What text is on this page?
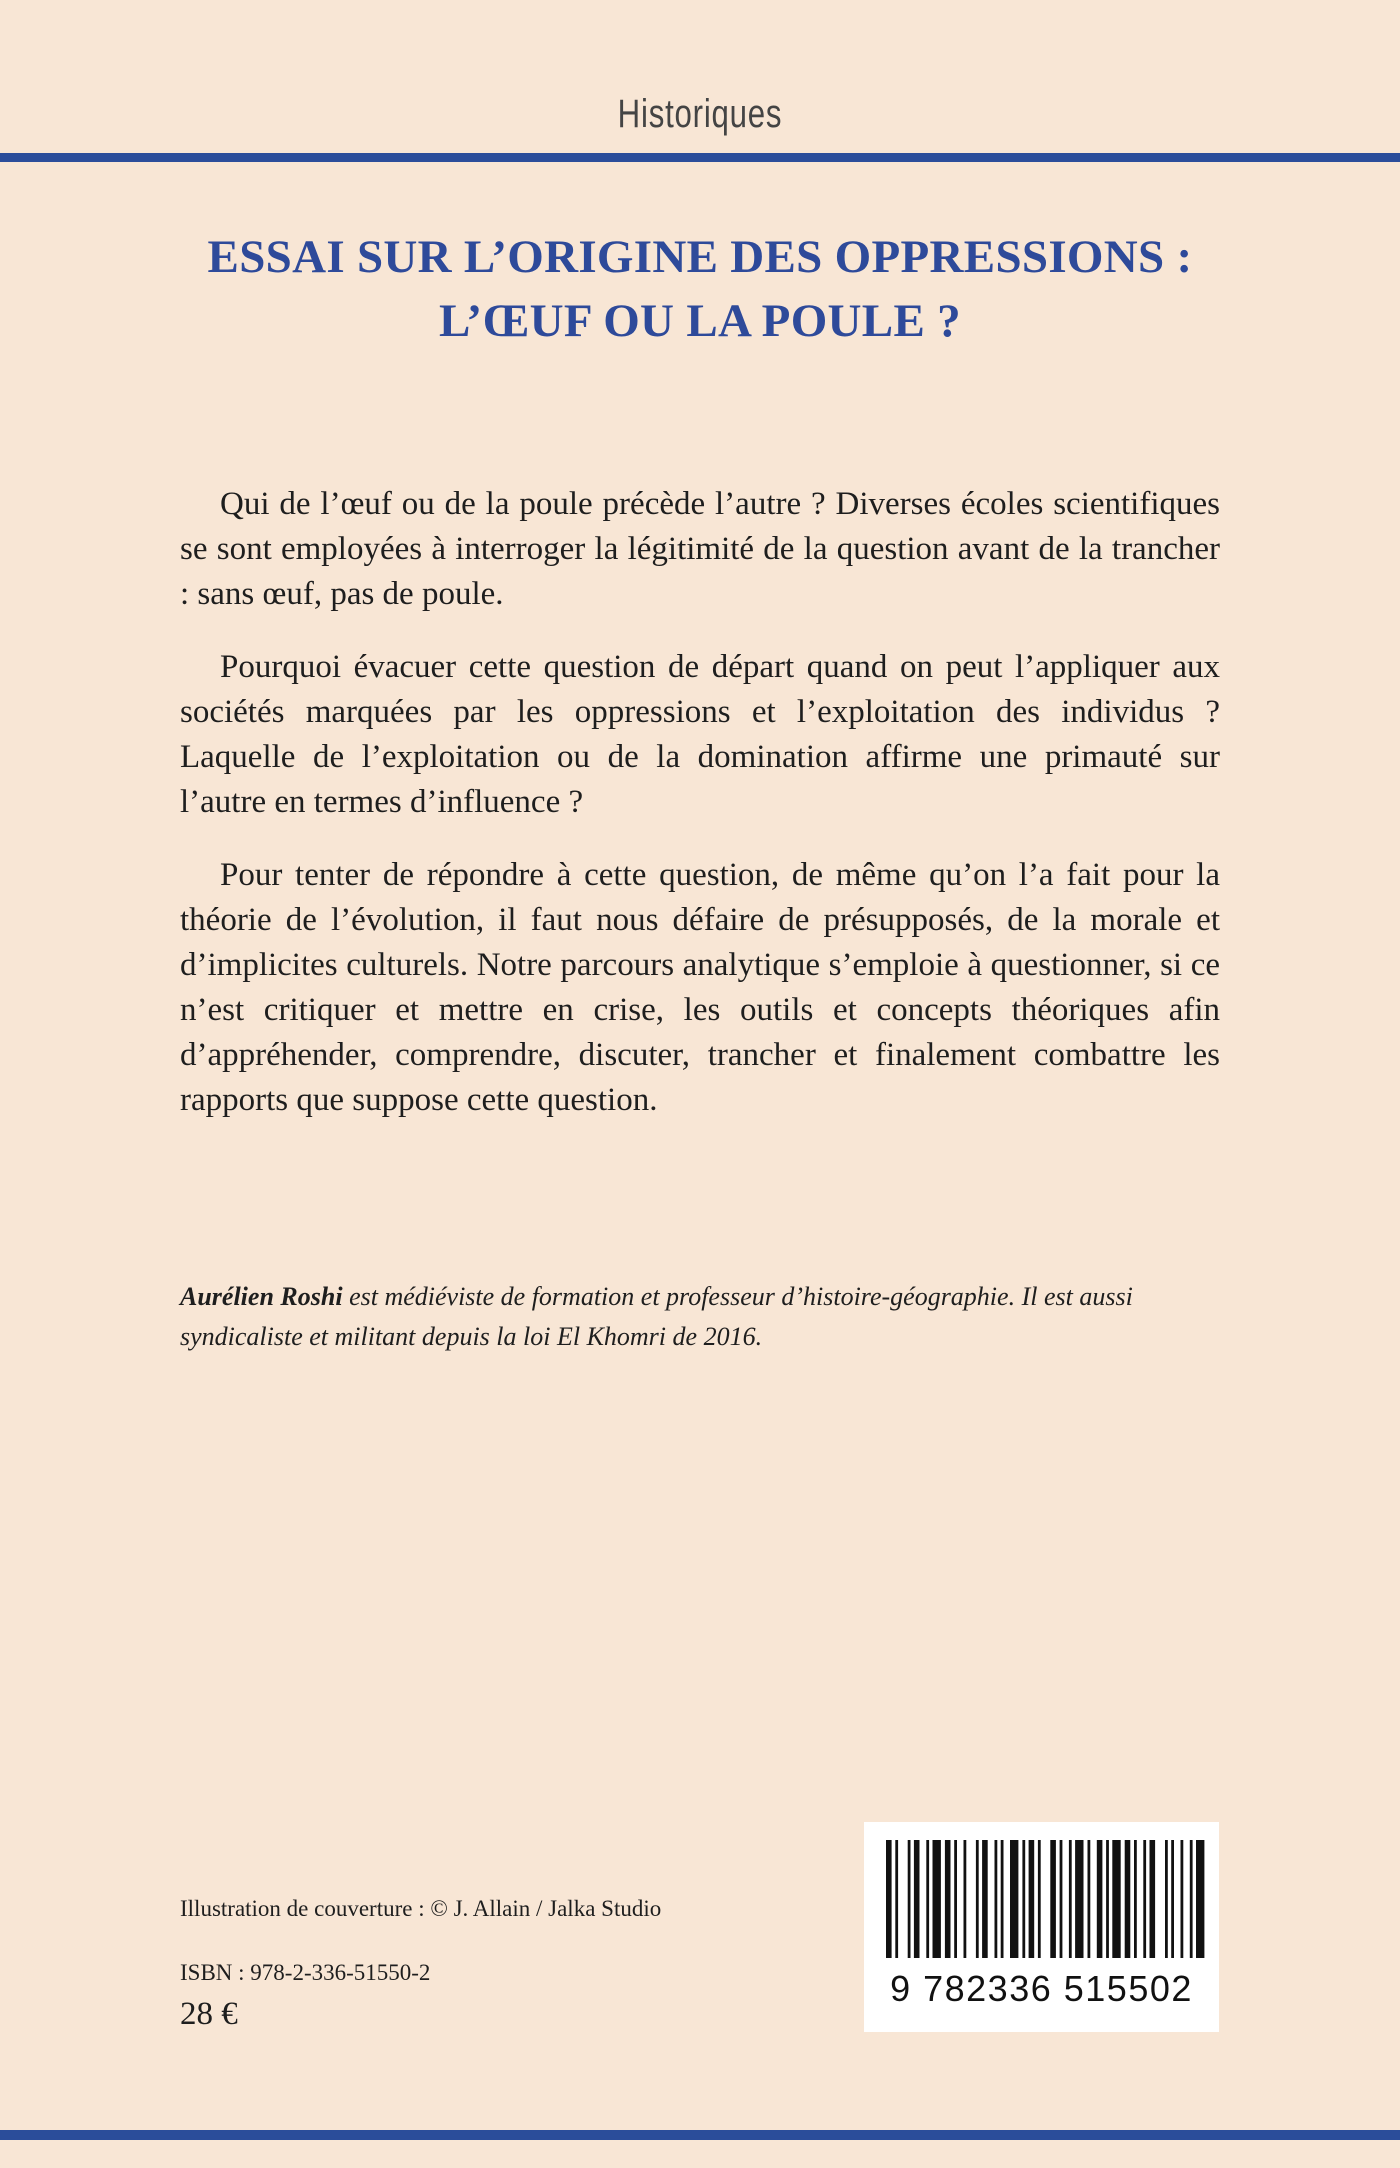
Historiques
ESSAI SUR L’ORIGINE DES OPPRESSIONS :
L’ŒUF OU LA POULE ?

Qui de l’œuf ou de la poule précède l’autre ? Diverses écoles scientifiques se sont employées à interroger la légitimité de la question avant de la trancher : sans œuf, pas de poule.

Pourquoi évacuer cette question de départ quand on peut l’appliquer aux sociétés marquées par les oppressions et l’exploitation des individus ? Laquelle de l’exploitation ou de la domination affirme une primauté sur l’autre en termes d’influence ?

Pour tenter de répondre à cette question, de même qu’on l’a fait pour la théorie de l’évolution, il faut nous défaire de présupposés, de la morale et d’implicites culturels. Notre parcours analytique s’emploie à questionner, si ce n’est critiquer et mettre en crise, les outils et concepts théoriques afin d’appréhender, comprendre, discuter, trancher et finalement combattre les rapports que suppose cette question.

Aurélien Roshi est médiéviste de formation et professeur d’histoire-géographie. Il est aussi syndicaliste et militant depuis la loi El Khomri de 2016.
Illustration de couverture : © J. Allain / Jalka Studio
ISBN : 978-2-336-51550-2
28 €
9 782336 515502
